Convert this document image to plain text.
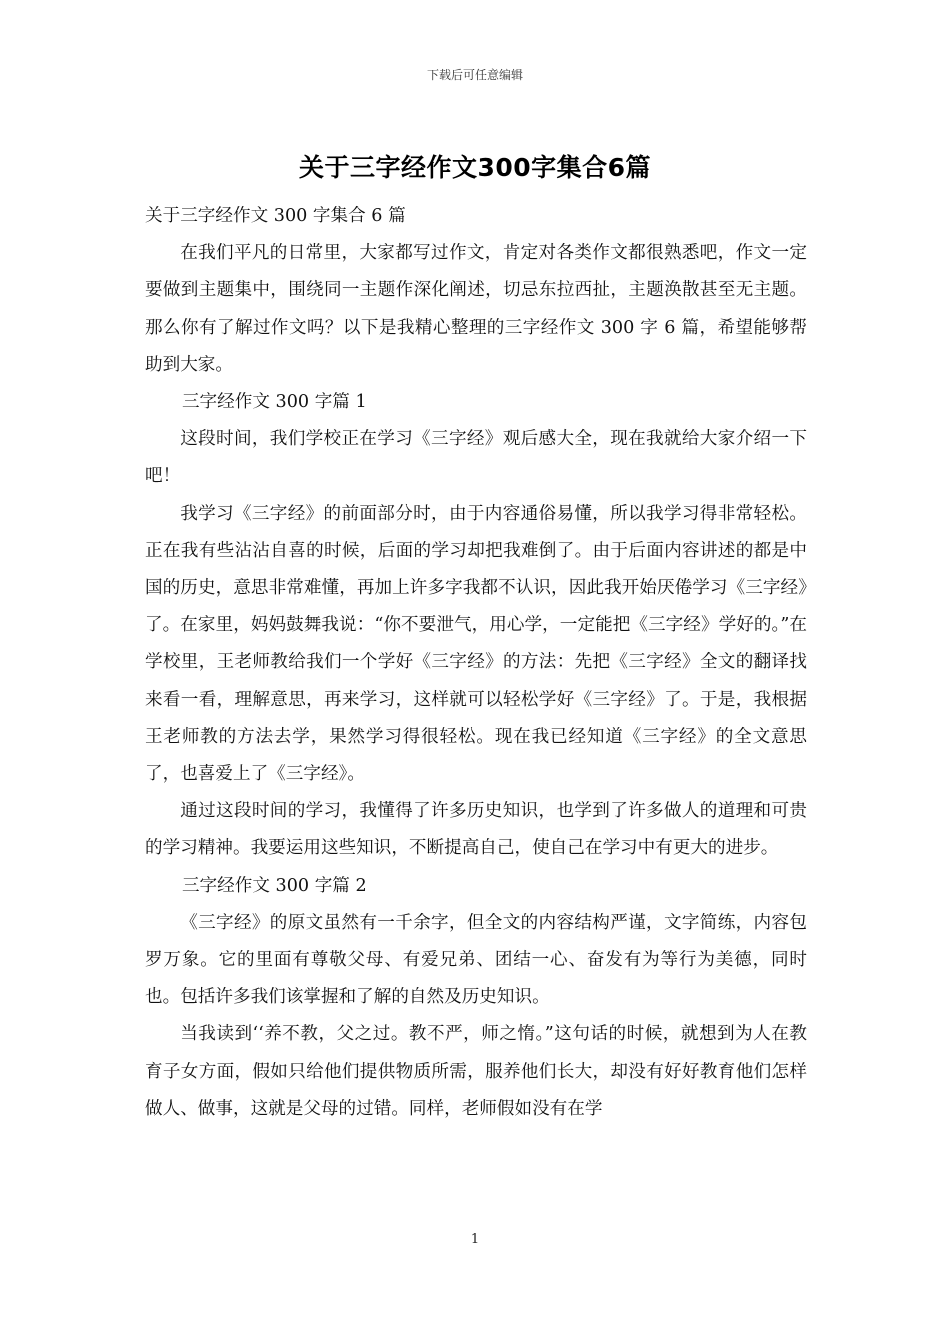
下载后可任意编辑
关于三字经作文300字集合6篇

关于三字经作文 300 字集合 6 篇

在我们平凡的日常里，大家都写过作文，肯定对各类作文都很熟悉吧，作文一定要做到主题集中，围绕同一主题作深化阐述，切忌东拉西扯，主题涣散甚至无主题。那么你有了解过作文吗？以下是我精心整理的三字经作文 300 字 6 篇，希望能够帮助到大家。

三字经作文 300 字篇 1

这段时间，我们学校正在学习《三字经》观后感大全，现在我就给大家介绍一下吧！

我学习《三字经》的前面部分时，由于内容通俗易懂，所以我学习得非常轻松。正在我有些沾沾自喜的时候，后面的学习却把我难倒了。由于后面内容讲述的都是中国的历史，意思非常难懂，再加上许多字我都不认识，因此我开始厌倦学习《三字经》了。在家里，妈妈鼓舞我说：“你不要泄气，用心学，一定能把《三字经》学好的。”在学校里，王老师教给我们一个学好《三字经》的方法：先把《三字经》全文的翻译找来看一看，理解意思，再来学习，这样就可以轻松学好《三字经》了。于是，我根据王老师教的方法去学，果然学习得很轻松。现在我已经知道《三字经》的全文意思了，也喜爱上了《三字经》。

通过这段时间的学习，我懂得了许多历史知识，也学到了许多做人的道理和可贵的学习精神。我要运用这些知识，不断提高自己，使自己在学习中有更大的进步。

三字经作文 300 字篇 2

《三字经》的原文虽然有一千余字，但全文的内容结构严谨，文字简练，内容包罗万象。它的里面有尊敬父母、有爱兄弟、团结一心、奋发有为等行为美德，同时也。包括许多我们该掌握和了解的自然及历史知识。

当我读到‘‘养不教，父之过。教不严，师之惰。”这句话的时候，就想到为人在教育子女方面，假如只给他们提供物质所需，服养他们长大，却没有好好教育他们怎样做人、做事，这就是父母的过错。同样，老师假如没有在学

1
